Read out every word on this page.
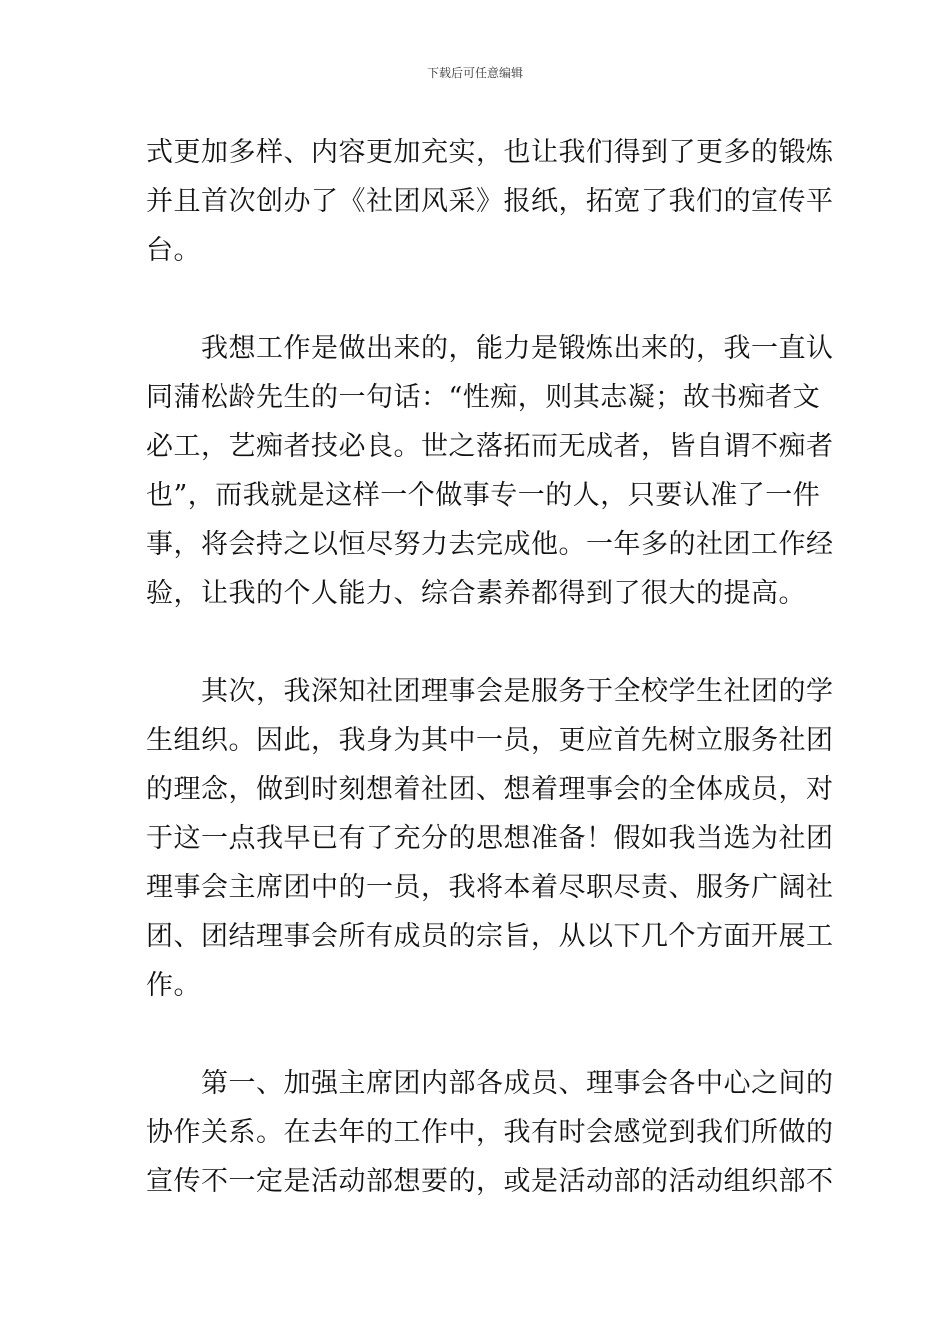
下载后可任意编辑
式更加多样、内容更加充实，也让我们得到了更多的锻炼
并且首次创办了《社团风采》报纸，拓宽了我们的宣传平
台。
　　我想工作是做出来的，能力是锻炼出来的，我一直认
同蒲松龄先生的一句话：“性痴，则其志凝；故书痴者文
必工，艺痴者技必良。世之落拓而无成者，皆自谓不痴者
也”，而我就是这样一个做事专一的人，只要认准了一件
事，将会持之以恒尽努力去完成他。一年多的社团工作经
验，让我的个人能力、综合素养都得到了很大的提高。
　　其次，我深知社团理事会是服务于全校学生社团的学
生组织。因此，我身为其中一员，更应首先树立服务社团
的理念，做到时刻想着社团、想着理事会的全体成员，对
于这一点我早已有了充分的思想准备！假如我当选为社团
理事会主席团中的一员，我将本着尽职尽责、服务广阔社
团、团结理事会所有成员的宗旨，从以下几个方面开展工
作。
　　第一、加强主席团内部各成员、理事会各中心之间的
协作关系。在去年的工作中，我有时会感觉到我们所做的
宣传不一定是活动部想要的，或是活动部的活动组织部不
